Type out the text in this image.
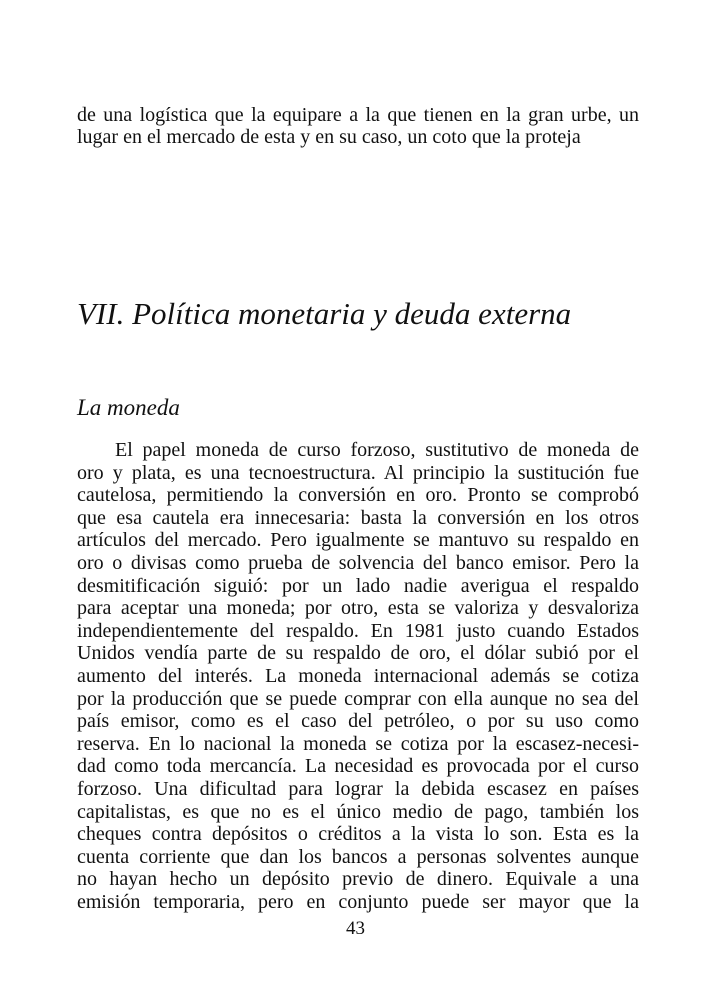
de una logística que la equipare a la que tienen en la gran urbe, un
lugar en el mercado de esta y en su caso, un coto que la proteja
VII. Política monetaria y deuda externa
La moneda
El papel moneda de curso forzoso, sustitutivo de moneda de
oro y plata, es una tecnoestructura. Al principio la sustitución fue
cautelosa, permitiendo la conversión en oro. Pronto se comprobó
que esa cautela era innecesaria: basta la conversión en los otros
artículos del mercado. Pero igualmente se mantuvo su respaldo en
oro o divisas como prueba de solvencia del banco emisor. Pero la
desmitificación siguió: por un lado nadie averigua el respaldo
para aceptar una moneda; por otro, esta se valoriza y desvaloriza
independientemente del respaldo. En 1981 justo cuando Estados
Unidos vendía parte de su respaldo de oro, el dólar subió por el
aumento del interés. La moneda internacional además se cotiza
por la producción que se puede comprar con ella aunque no sea del
país emisor, como es el caso del petróleo, o por su uso como
reserva. En lo nacional la moneda se cotiza por la escasez-necesi-
dad como toda mercancía. La necesidad es provocada por el curso
forzoso. Una dificultad para lograr la debida escasez en países
capitalistas, es que no es el único medio de pago, también los
cheques contra depósitos o créditos a la vista lo son. Esta es la
cuenta corriente que dan los bancos a personas solventes aunque
no hayan hecho un depósito previo de dinero. Equivale a una
emisión temporaria, pero en conjunto puede ser mayor que la
43
